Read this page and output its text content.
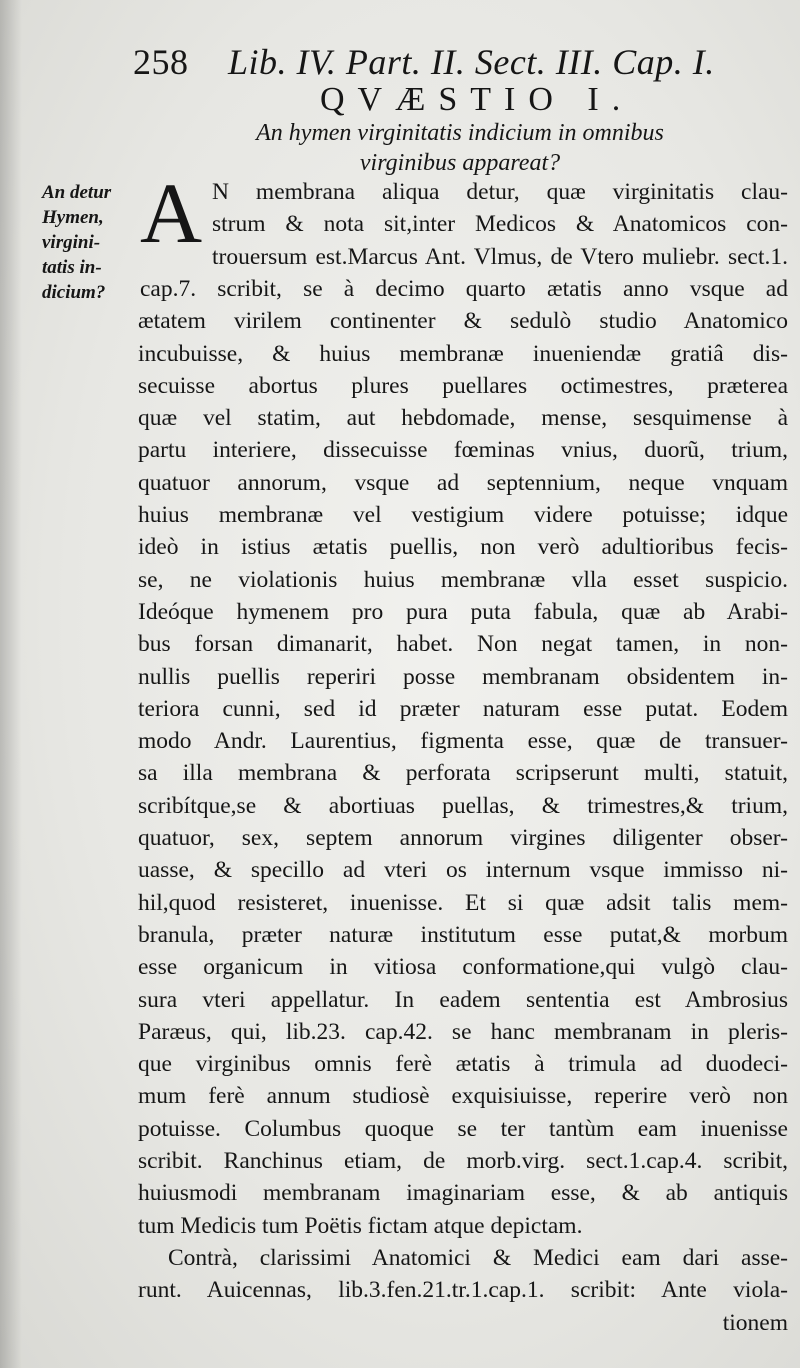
258 Lib. IV. Part. II. Sect. III. Cap. I.
QVÆSTIO I.
An hymen virginitatis indicium in omnibus
virginibus appareat?
An detur
Hymen,
virgini-
tatis in-
dicium?
A N membrana aliqua detur, quæ virginitatis clau-
strum & nota sit,inter Medicos & Anatomicos con-
trouersum est.Marcus Ant. Vlmus, de Vtero muliebr. sect.1.
cap.7. scribit, se à decimo quarto ætatis anno vsque ad
ætatem virilem continenter & sedulò studio Anatomico
incubuisse, & huius membranæ inueniendæ gratiâ dis-
secuisse abortus plures puellares octimestres, præterea
quæ vel statim, aut hebdomade, mense, sesquimense à
partu interiere, dissecuisse fœminas vnius, duorũ, trium,
quatuor annorum, vsque ad septennium, neque vnquam
huius membranæ vel vestigium videre potuisse; idque
ideò in istius ætatis puellis, non verò adultioribus fecis-
se, ne violationis huius membranæ vlla esset suspicio.
Ideóque hymenem pro pura puta fabula, quæ ab Arabi-
bus forsan dimanarit, habet. Non negat tamen, in non-
nullis puellis reperiri posse membranam obsidentem in-
teriora cunni, sed id præter naturam esse putat. Eodem
modo Andr. Laurentius, figmenta esse, quæ de transuer-
sa illa membrana & perforata scripserunt multi, statuit,
scribítque,se & abortiuas puellas, & trimestres,& trium,
quatuor, sex, septem annorum virgines diligenter obser-
uasse, & specillo ad vteri os internum vsque immisso ni-
hil,quod resisteret, inuenisse. Et si quæ adsit talis mem-
branula, præter naturæ institutum esse putat,& morbum
esse organicum in vitiosa conformatione,qui vulgò clau-
sura vteri appellatur. In eadem sententia est Ambrosius
Paræus, qui, lib.23. cap.42. se hanc membranam in pleris-
que virginibus omnis ferè ætatis à trimula ad duodeci-
mum ferè annum studiosè exquisiuisse, reperire verò non
potuisse. Columbus quoque se ter tantùm eam inuenisse
scribit. Ranchinus etiam, de morb.virg. sect.1.cap.4. scribit,
huiusmodi membranam imaginariam esse, & ab antiquis
tum Medicis tum Poëtis fictam atque depictam.
Contrà, clarissimi Anatomici & Medici eam dari asse-
runt. Auicennas, lib.3.fen.21.tr.1.cap.1. scribit: Ante viola-
tionem
